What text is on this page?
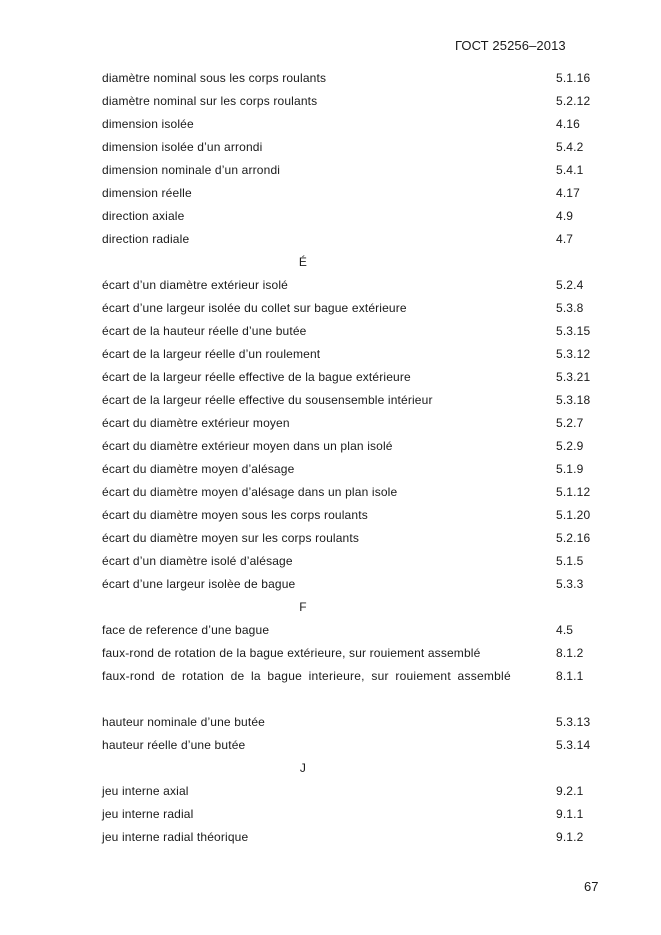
ГОСТ 25256–2013
diamètre nominal sous les corps roulants	5.1.16
diamètre nominal sur les corps roulants	5.2.12
dimension isolée	4.16
dimension isolée d’un arrondi	5.4.2
dimension nominale d’un arrondi	5.4.1
dimension réelle	4.17
direction axiale	4.9
direction radiale	4.7
É
écart d’un diamètre extérieur isolé	5.2.4
écart d’une largeur isolée du collet sur bague extérieure	5.3.8
écart de la hauteur réelle d’une butée	5.3.15
écart de la largeur réelle d’un roulement	5.3.12
écart de la largeur réelle effective de la bague extérieure	5.3.21
écart de la largeur réelle effective du sousensemble intérieur	5.3.18
écart du diamètre extérieur moyen	5.2.7
écart du diamètre extérieur moyen dans un plan isolé	5.2.9
écart du diamètre moyen d’alésage	5.1.9
écart du diamètre moyen d’alésage dans un plan isole	5.1.12
écart du diamètre moyen sous les corps roulants	5.1.20
écart du diamètre moyen sur les corps roulants	5.2.16
écart d’un diamètre isolé d’alésage	5.1.5
écart d’une largeur isolèe de bague	5.3.3
F
face de reference d’une bague	4.5
faux-rond de rotation de la bague extérieure, sur rouiement assemblé	8.1.2
faux-rond de rotation de la bague interieure, sur rouiement assemblé	8.1.1
hauteur nominale d’une butée	5.3.13
hauteur réelle d’une butée	5.3.14
J
jeu interne axial	9.2.1
jeu interne radial	9.1.1
jeu interne radial théorique	9.1.2
67
